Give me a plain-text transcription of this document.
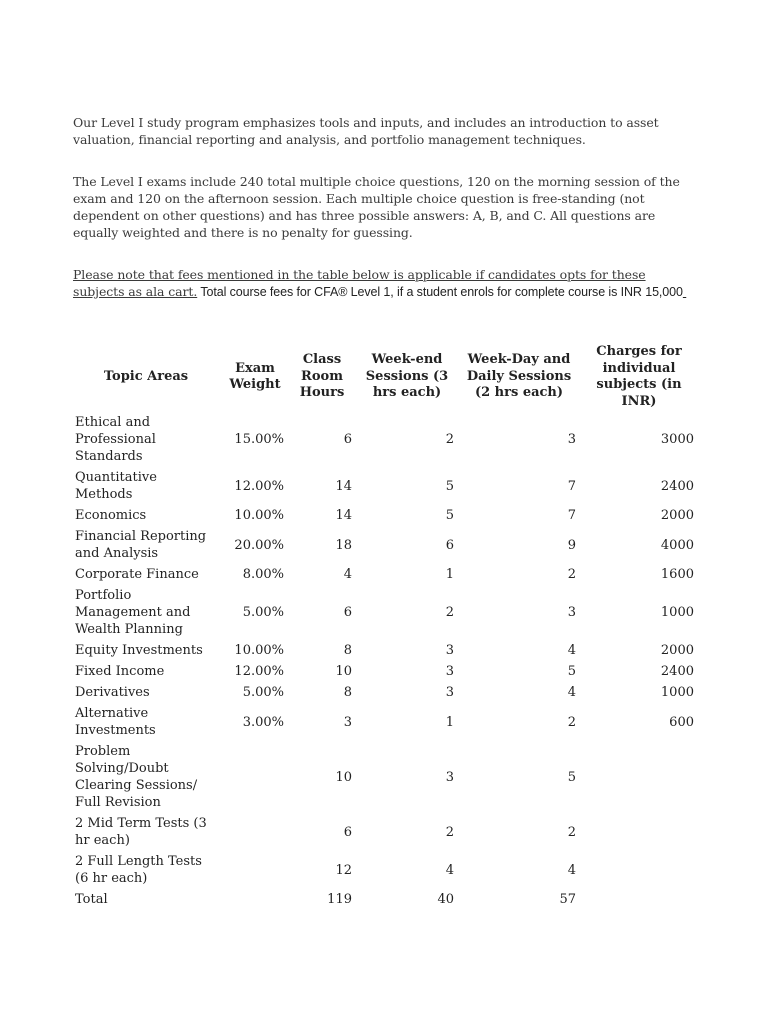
Our Level I study program emphasizes tools and inputs, and includes an introduction to asset valuation, financial reporting and analysis, and portfolio management techniques.

The Level I exams include 240 total multiple choice questions, 120 on the morning session of the exam and 120 on the afternoon session. Each multiple choice question is free-standing (not dependent on other questions) and has three possible answers: A, B, and C. All questions are equally weighted and there is no penalty for guessing.

Please note that fees mentioned in the table below is applicable if candidates opts for these subjects as ala cart. Total course fees for CFA® Level 1, if a student enrols for complete course is INR 15,000

Topic Areas	Exam Weight	Class Room Hours	Week-end Sessions (3 hrs each)	Week-Day and Daily Sessions (2 hrs each)	Charges for individual subjects (in INR)
Ethical and Professional Standards	15.00%	6	2	3	3000
Quantitative Methods	12.00%	14	5	7	2400
Economics	10.00%	14	5	7	2000
Financial Reporting and Analysis	20.00%	18	6	9	4000
Corporate Finance	8.00%	4	1	2	1600
Portfolio Management and Wealth Planning	5.00%	6	2	3	1000
Equity Investments	10.00%	8	3	4	2000
Fixed Income	12.00%	10	3	5	2400
Derivatives	5.00%	8	3	4	1000
Alternative Investments	3.00%	3	1	2	600
Problem Solving/Doubt Clearing Sessions/ Full Revision		10	3	5	
2 Mid Term Tests (3 hr each)		6	2	2	
2 Full Length Tests (6 hr each)		12	4	4	
Total		119	40	57	
